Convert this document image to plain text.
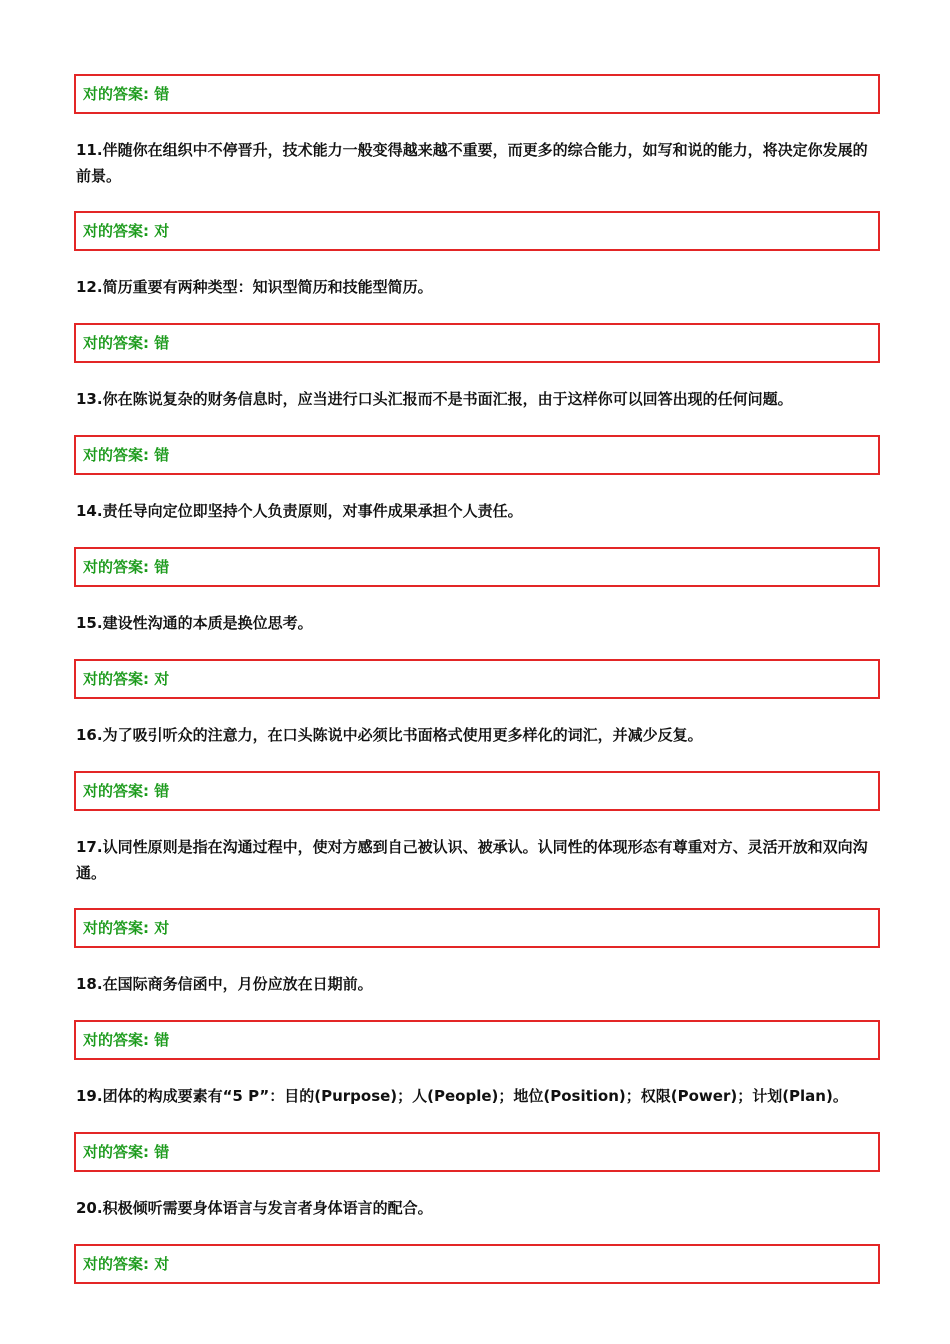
对的答案: 错
11.伴随你在组织中不停晋升，技术能力一般变得越来越不重要，而更多的综合能力，如写和说的能力，将决定你发展的前景。
对的答案: 对
12.简历重要有两种类型：知识型简历和技能型简历。
对的答案: 错
13.你在陈说复杂的财务信息时，应当进行口头汇报而不是书面汇报，由于这样你可以回答出现的任何问题。
对的答案: 错
14.责任导向定位即坚持个人负责原则，对事件成果承担个人责任。
对的答案: 错
15.建设性沟通的本质是换位思考。
对的答案: 对
16.为了吸引听众的注意力，在口头陈说中必须比书面格式使用更多样化的词汇，并减少反复。
对的答案: 错
17.认同性原则是指在沟通过程中，使对方感到自己被认识、被承认。认同性的体现形态有尊重对方、灵活开放和双向沟通。
对的答案: 对
18.在国际商务信函中，月份应放在日期前。
对的答案: 错
19.团体的构成要素有“5 P”：目的(Purpose)；人(People)；地位(Position)；权限(Power)；计划(Plan)。
对的答案: 错
20.积极倾听需要身体语言与发言者身体语言的配合。
对的答案: 对
